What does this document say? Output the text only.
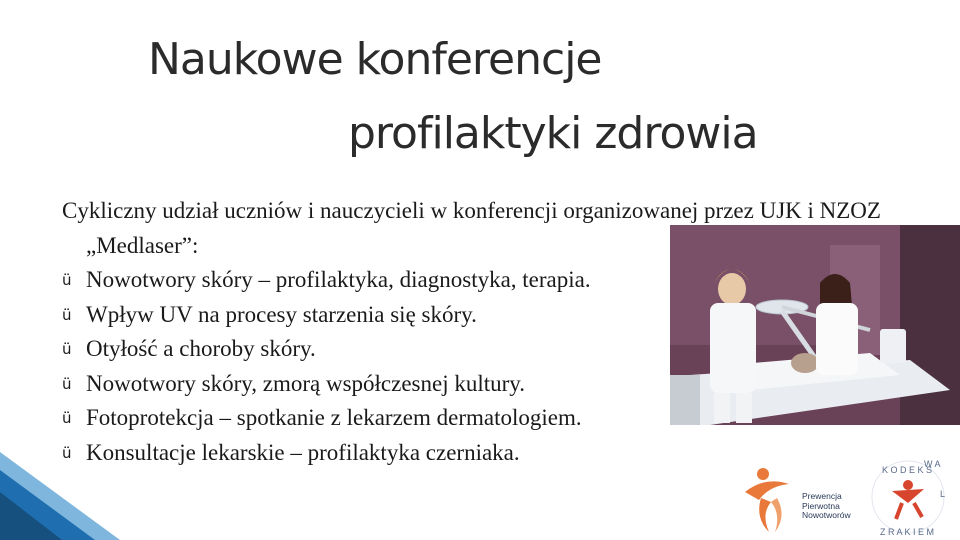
Naukowe konferencje
profilaktyki zdrowia

Cykliczny udział uczniów i nauczycieli w konferencji organizowanej przez UJK i NZOZ „Medlaser”:

ü Nowotwory skóry – profilaktyka, diagnostyka, terapia.
ü Wpływ UV na procesy starzenia się skóry.
ü Otyłość a choroby skóry.
ü Nowotwory skóry, zmorą współczesnej kultury.
ü Fotoprotekcja – spotkanie z lekarzem dermatologiem.
ü Konsultacje lekarskie – profilaktyka czerniaka.
Prewencja
Pierwotna
Nowotworów
K O D E K S
W A
L
Z R A K I E M
